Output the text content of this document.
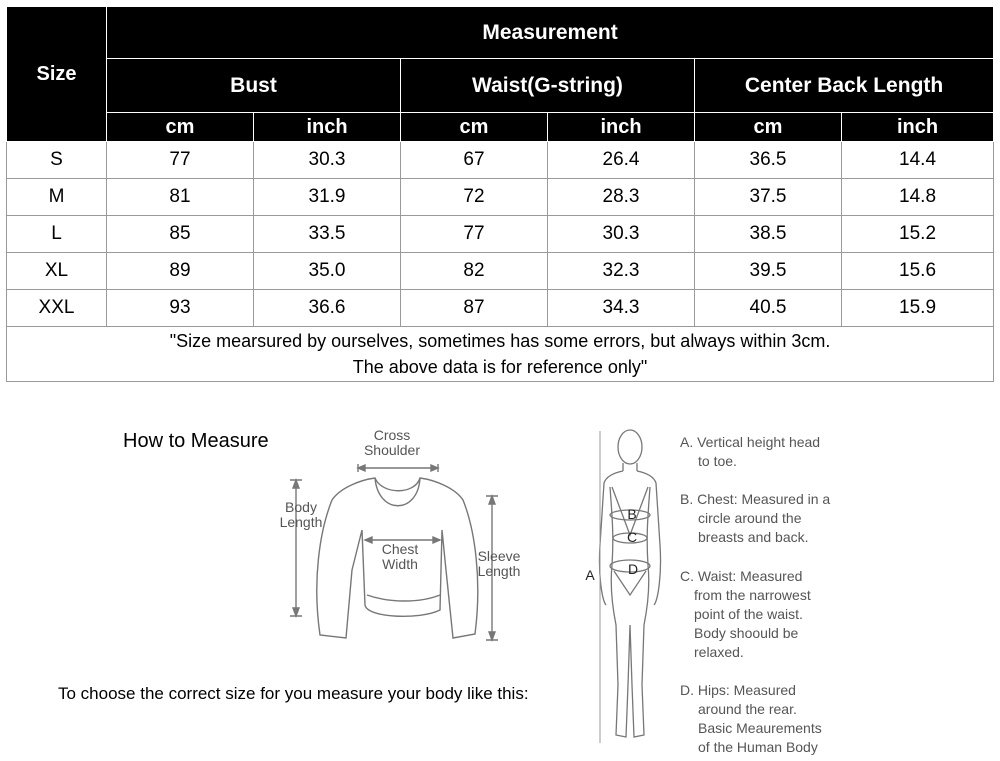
Size	Measurement					
	Bust		Waist(G-string)		Center Back Length	
	cm	inch	cm	inch	cm	inch
S	77	30.3	67	26.4	36.5	14.4
M	81	31.9	72	28.3	37.5	14.8
L	85	33.5	77	30.3	38.5	15.2
XL	89	35.0	82	32.3	39.5	15.6
XXL	93	36.6	87	34.3	40.5	15.9

"Size mearsured by ourselves, sometimes has some errors, but always within 3cm.
The above data is for reference only"						
How to Measure
To choose the correct size for you measure your body like this:
Cross
Shoulder
Body
Length
Chest
Width	Sleeve
Length
B
C
D
A
A. Vertical height head
to toe.
B. Chest: Measured in a
circle around the
breasts and back.
C. Waist: Measured
from the narrowest
point of the waist.
Body shoould be
relaxed.
D. Hips: Measured
around the rear.
Basic Meaurements
of the Human Body
